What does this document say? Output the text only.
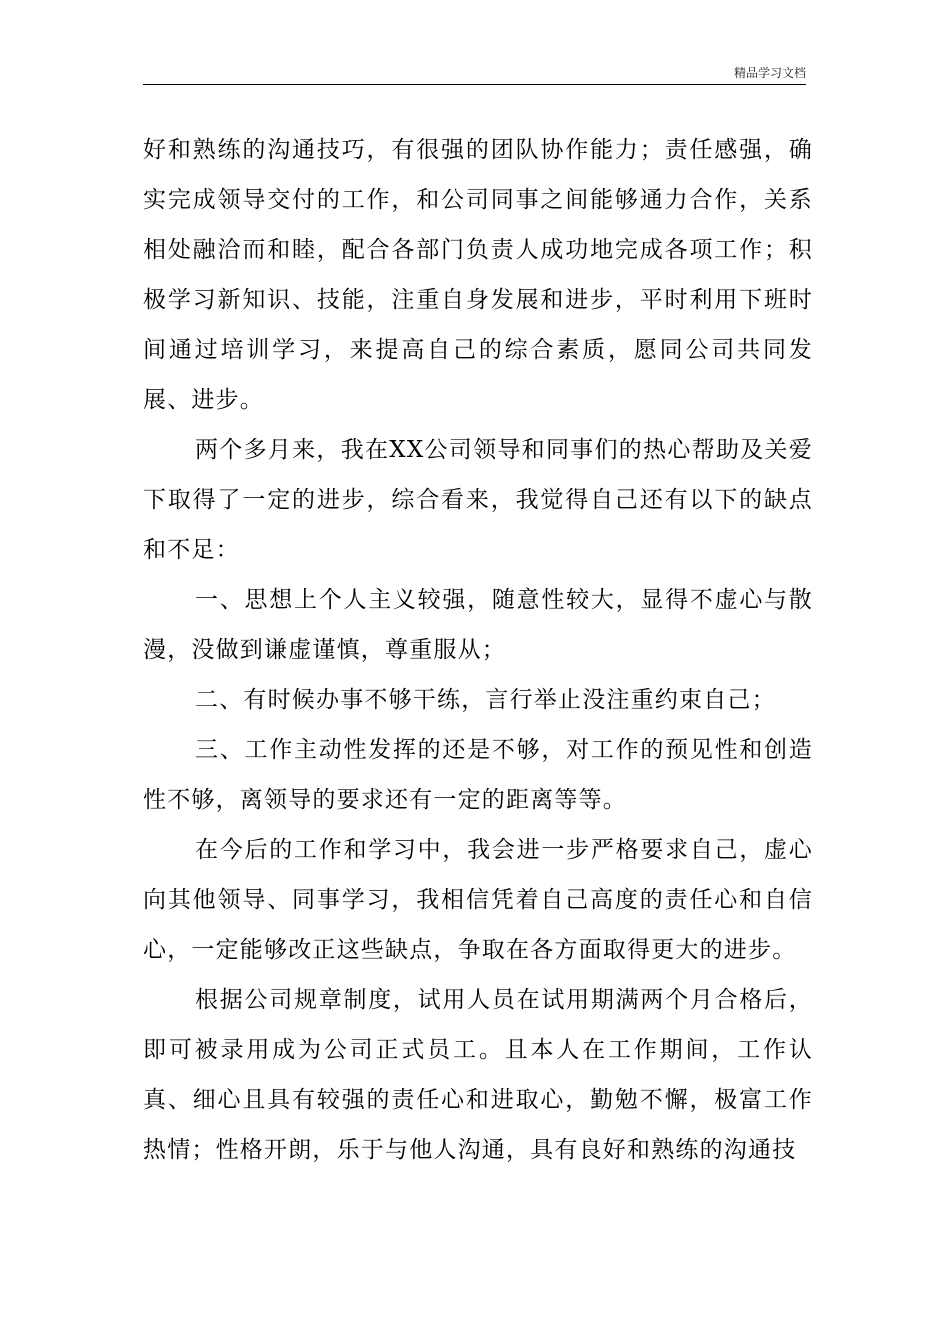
精品学习文档

好和熟练的沟通技巧，有很强的团队协作能力；责任感强，确实完成领导交付的工作，和公司同事之间能够通力合作，关系相处融洽而和睦，配合各部门负责人成功地完成各项工作；积极学习新知识、技能，注重自身发展和进步，平时利用下班时间通过培训学习，来提高自己的综合素质，愿同公司共同发展、进步。

两个多月来，我在XX公司领导和同事们的热心帮助及关爱下取得了一定的进步，综合看来，我觉得自己还有以下的缺点和不足：

一、思想上个人主义较强，随意性较大，显得不虚心与散漫，没做到谦虚谨慎，尊重服从；

二、有时候办事不够干练，言行举止没注重约束自己；

三、工作主动性发挥的还是不够，对工作的预见性和创造性不够，离领导的要求还有一定的距离等等。

在今后的工作和学习中，我会进一步严格要求自己，虚心向其他领导、同事学习，我相信凭着自己高度的责任心和自信心，一定能够改正这些缺点，争取在各方面取得更大的进步。

根据公司规章制度，试用人员在试用期满两个月合格后，即可被录用成为公司正式员工。且本人在工作期间，工作认真、细心且具有较强的责任心和进取心，勤勉不懈，极富工作热情；性格开朗，乐于与他人沟通，具有良好和熟练的沟通技
